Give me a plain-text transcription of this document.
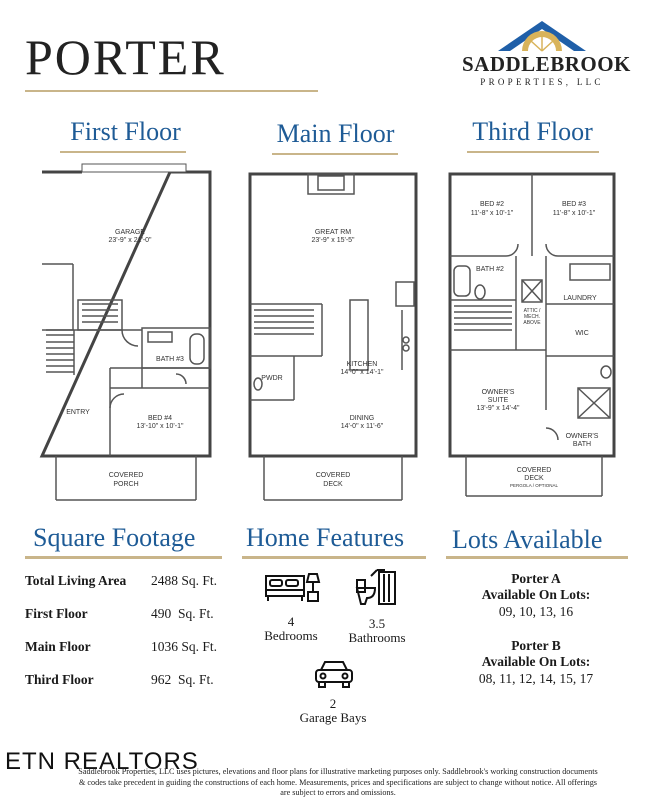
PORTER	SADDLEBROOK
PROPERTIES, LLC
First Floor	Main Floor	Third Floor
GARAGE
23'-9" x 21'-0"
BATH #3
ENTRY
BED #4
13'-10" x 10'-1"
COVERED
PORCH
GREAT RM
23'-9" x 15'-5"
PWDR
KITCHEN
14'-0" x 14'-1"
DINING
14'-0" x 11'-6"
COVERED
DECK
BED #2
11'-8" x 10'-1"
BED #3
11'-8" x 10'-1"
BATH #2
LAUNDRY
ATTIC /
MECH.
ABOVE
WIC
OWNER'S
SUITE
13'-9" x 14'-4"
OWNER'S
BATH
COVERED
DECK
PERGOLA / OPTIONAL
Square Footage
Total Living Area 2488 Sq. Ft.
First Floor	490  Sq. Ft.
Main Floor	1036 Sq. Ft.
Third Floor	962  Sq. Ft.
Home Features
4
Bedrooms
3.5
Bathrooms
2
Garage Bays
Lots Available
Porter A
Available On Lots:
09, 10, 13, 16
Porter B
Available On Lots:
08, 11, 12, 14, 15, 17
ETN REALTORS
Saddlebrook Properties, LLC uses pictures, elevations and floor plans for illustrative marketing purposes only. Saddlebrook's working construction documents & codes take precedent in guiding the constructions of each home. Measurements, prices and specifications are subject to change without notice. All offerings are subject to errors and omissions.
